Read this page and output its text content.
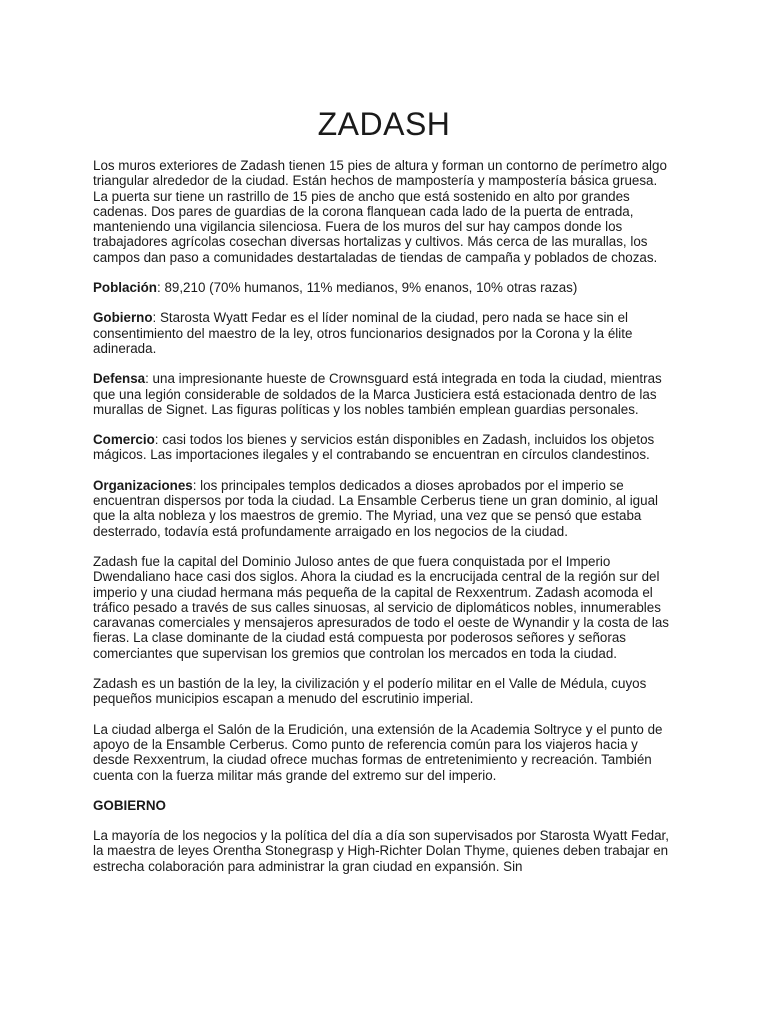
ZADASH

Los muros exteriores de Zadash tienen 15 pies de altura y forman un contorno de perímetro algo triangular alrededor de la ciudad. Están hechos de mampostería y mampostería básica gruesa. La puerta sur tiene un rastrillo de 15 pies de ancho que está sostenido en alto por grandes cadenas. Dos pares de guardias de la corona flanquean cada lado de la puerta de entrada, manteniendo una vigilancia silenciosa. Fuera de los muros del sur hay campos donde los trabajadores agrícolas cosechan diversas hortalizas y cultivos. Más cerca de las murallas, los campos dan paso a comunidades destartaladas de tiendas de campaña y poblados de chozas.

Población: 89,210 (70% humanos, 11% medianos, 9% enanos, 10% otras razas)

Gobierno: Starosta Wyatt Fedar es el líder nominal de la ciudad, pero nada se hace sin el consentimiento del maestro de la ley, otros funcionarios designados por la Corona y la élite adinerada.

Defensa: una impresionante hueste de Crownsguard está integrada en toda la ciudad, mientras que una legión considerable de soldados de la Marca Justiciera está estacionada dentro de las murallas de Signet. Las figuras políticas y los nobles también emplean guardias personales.

Comercio: casi todos los bienes y servicios están disponibles en Zadash, incluidos los objetos mágicos. Las importaciones ilegales y el contrabando se encuentran en círculos clandestinos.

Organizaciones: los principales templos dedicados a dioses aprobados por el imperio se encuentran dispersos por toda la ciudad. La Ensamble Cerberus tiene un gran dominio, al igual que la alta nobleza y los maestros de gremio. The Myriad, una vez que se pensó que estaba desterrado, todavía está profundamente arraigado en los negocios de la ciudad.

Zadash fue la capital del Dominio Juloso antes de que fuera conquistada por el Imperio Dwendaliano hace casi dos siglos. Ahora la ciudad es la encrucijada central de la región sur del imperio y una ciudad hermana más pequeña de la capital de Rexxentrum. Zadash acomoda el tráfico pesado a través de sus calles sinuosas, al servicio de diplomáticos nobles, innumerables caravanas comerciales y mensajeros apresurados de todo el oeste de Wynandir y la costa de las fieras. La clase dominante de la ciudad está compuesta por poderosos señores y señoras comerciantes que supervisan los gremios que controlan los mercados en toda la ciudad.

Zadash es un bastión de la ley, la civilización y el poderío militar en el Valle de Médula, cuyos pequeños municipios escapan a menudo del escrutinio imperial.

La ciudad alberga el Salón de la Erudición, una extensión de la Academia Soltryce y el punto de apoyo de la Ensamble Cerberus. Como punto de referencia común para los viajeros hacia y desde Rexxentrum, la ciudad ofrece muchas formas de entretenimiento y recreación. También cuenta con la fuerza militar más grande del extremo sur del imperio.

GOBIERNO

La mayoría de los negocios y la política del día a día son supervisados por Starosta Wyatt Fedar, la maestra de leyes Orentha Stonegrasp y High-Richter Dolan Thyme, quienes deben trabajar en estrecha colaboración para administrar la gran ciudad en expansión. Sin
